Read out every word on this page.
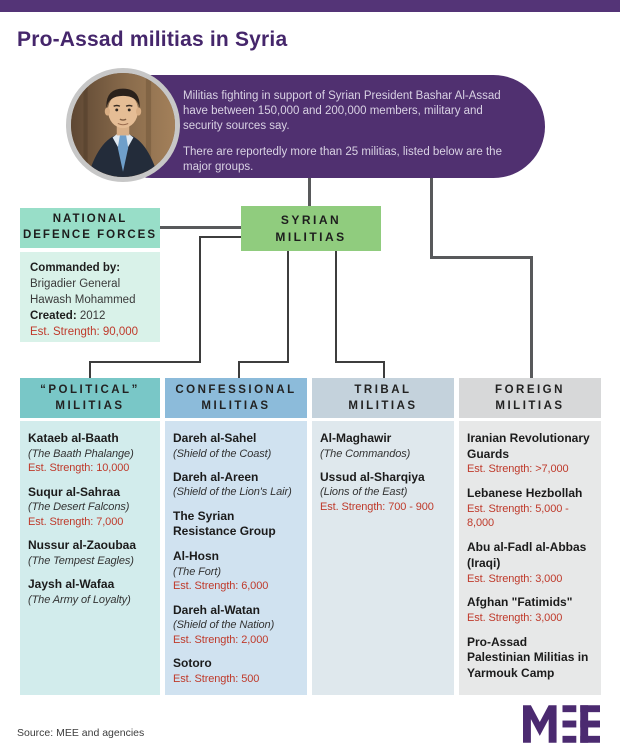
Pro-Assad militias in Syria

Militias fighting in support of Syrian President Bashar Al-Assad have between 150,000 and 200,000 members, military and security sources say.

There are reportedly more than 25 militias, listed below are the major groups.

NATIONAL
DEFENCE FORCES
Commanded by:
Brigadier General
Hawash Mohammed
Created: 2012
Est. Strength: 90,000
SYRIAN
MILITIAS
“POLITICAL”
MILITIAS
Kataeb al-Baath
(The Baath Phalange)
Est. Strength: 10,000
Suqur al-Sahraa
(The Desert Falcons)
Est. Strength: 7,000
Nussur al-Zaoubaa
(The Tempest Eagles)
Jaysh al-Wafaa
(The Army of Loyalty)
CONFESSIONAL
MILITIAS
Dareh al-Sahel
(Shield of the Coast)
Dareh al-Areen
(Shield of the Lion's Lair)
The Syrian Resistance Group
Al-Hosn
(The Fort)
Est. Strength: 6,000
Dareh al-Watan
(Shield of the Nation)
Est. Strength: 2,000
Sotoro
Est. Strength: 500
TRIBAL
MILITIAS
Al-Maghawir
(The Commandos)
Ussud al-Sharqiya
(Lions of the East)
Est. Strength: 700 - 900
FOREIGN
MILITIAS
Iranian Revolutionary Guards
Est. Strength: >7,000
Lebanese Hezbollah
Est. Strength: 5,000 - 8,000
Abu al-Fadl al-Abbas (Iraqi)
Est. Strength: 3,000
Afghan "Fatimids"
Est. Strength: 3,000
Pro-Assad Palestinian Militias in Yarmouk Camp
Source: MEE and agencies
